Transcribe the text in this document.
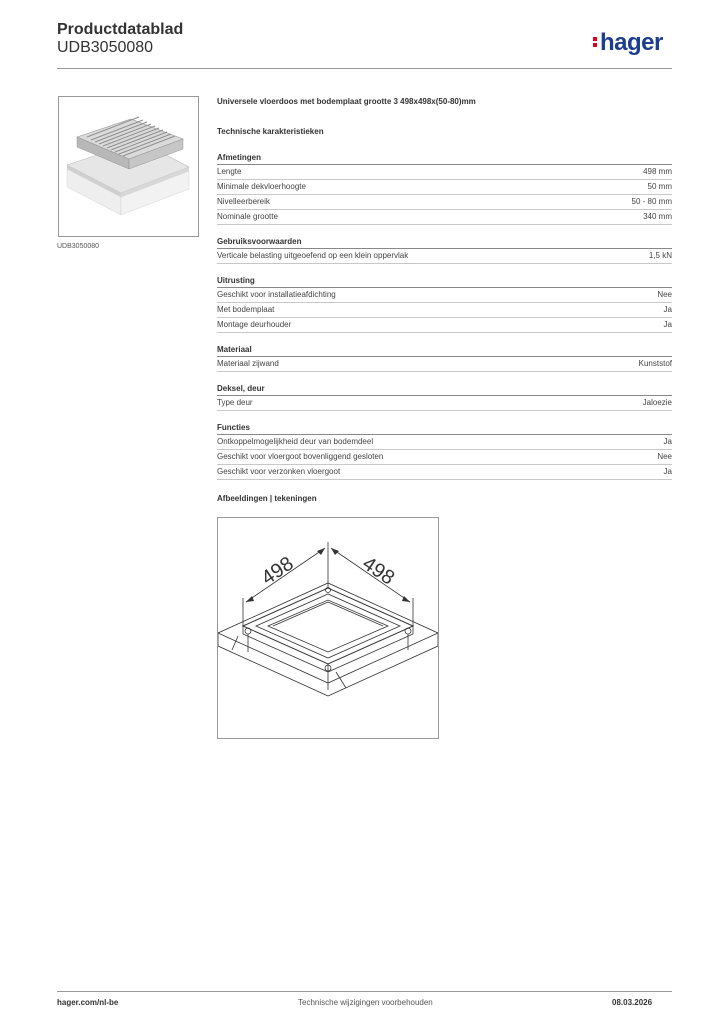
Productdatablad
UDB3050080	hager
UDB3050080
Universele vloerdoos met bodemplaat grootte 3 498x498x(50-80)mm
Technische karakteristieken
Afmetingen
Lengte	498 mm
Minimale dekvloerhoogte	50 mm
Nivelleerbereik	50 - 80 mm
Nominale grootte	340 mm
Gebruiksvoorwaarden
Verticale belasting uitgeoefend op een klein oppervlak	1,5 kN
Uitrusting
Geschikt voor installatieafdichting	Nee
Met bodemplaat	Ja
Montage deurhouder	Ja
Materiaal
Materiaal zijwand	Kunststof
Deksel, deur
Type deur	Jaloezie
Functies
Ontkoppelmogelijkheid deur van bodemdeel	Ja
Geschikt voor vloergoot bovenliggend gesloten	Nee
Geschikt voor verzonken vloergoot	Ja
Afbeeldingen | tekeningen
498	498
hager.com/nl-be	Technische wijzigingen voorbehouden	08.03.2026
